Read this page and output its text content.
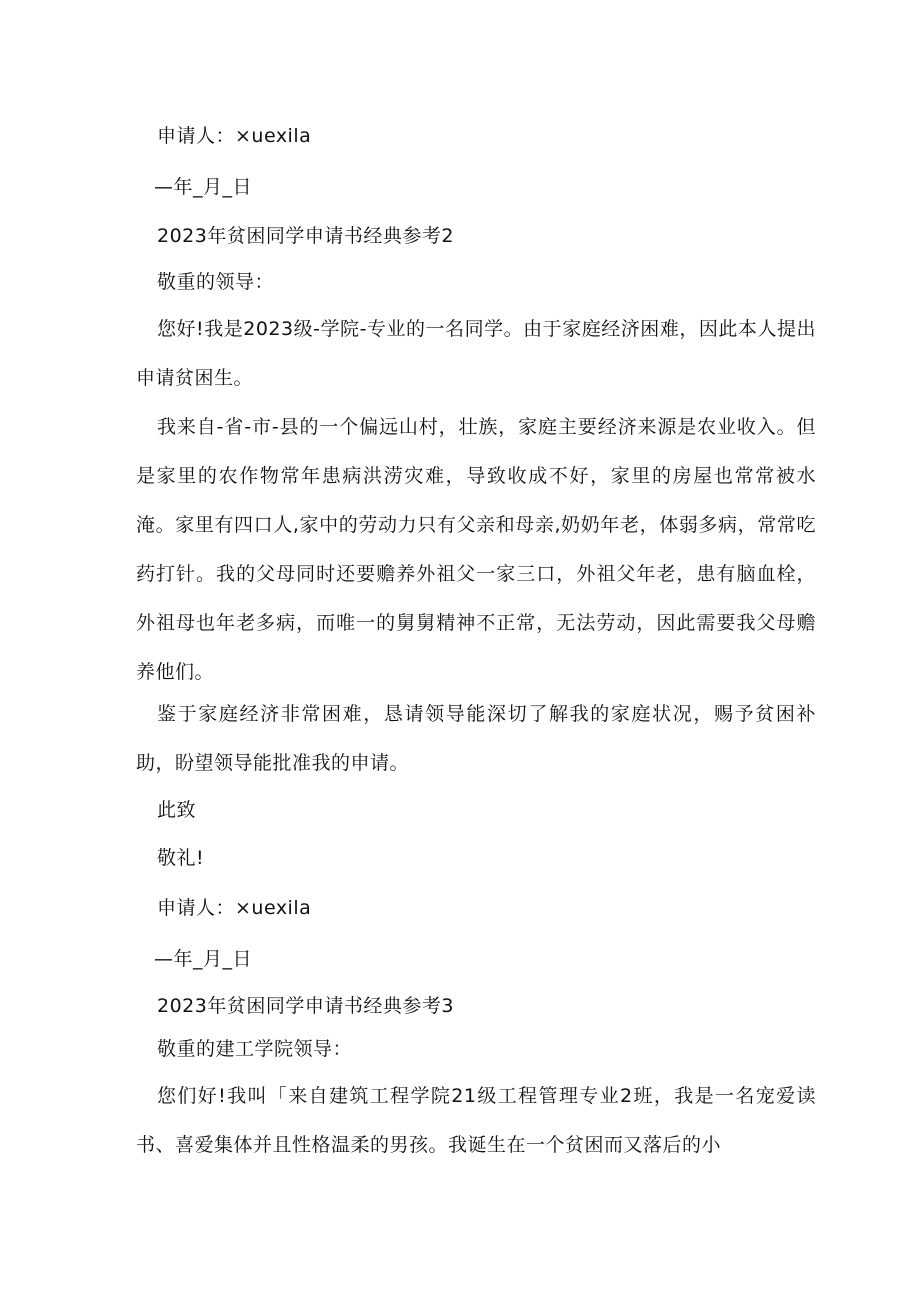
申请人：×uexila
—年_月_日
2023年贫困同学申请书经典参考2
敬重的领导：
您好!我是2023级-学院-专业的一名同学。由于家庭经济困难，因此本人提出申请贫困生。
我来自-省-市-县的一个偏远山村，壮族，家庭主要经济来源是农业收入。但是家里的农作物常年患病洪涝灾难，导致收成不好，家里的房屋也常常被水淹。家里有四口人,家中的劳动力只有父亲和母亲,奶奶年老，体弱多病，常常吃药打针。我的父母同时还要赡养外祖父一家三口，外祖父年老，患有脑血栓，外祖母也年老多病，而唯一的舅舅精神不正常，无法劳动，因此需要我父母赡养他们。
鉴于家庭经济非常困难，恳请领导能深切了解我的家庭状况，赐予贫困补助，盼望领导能批准我的申请。
此致
敬礼!
申请人：×uexila
—年_月_日
2023年贫困同学申请书经典参考3
敬重的建工学院领导：
您们好!我叫「来自建筑工程学院21级工程管理专业2班，我是一名宠爱读书、喜爱集体并且性格温柔的男孩。我诞生在一个贫困而又落后的小
